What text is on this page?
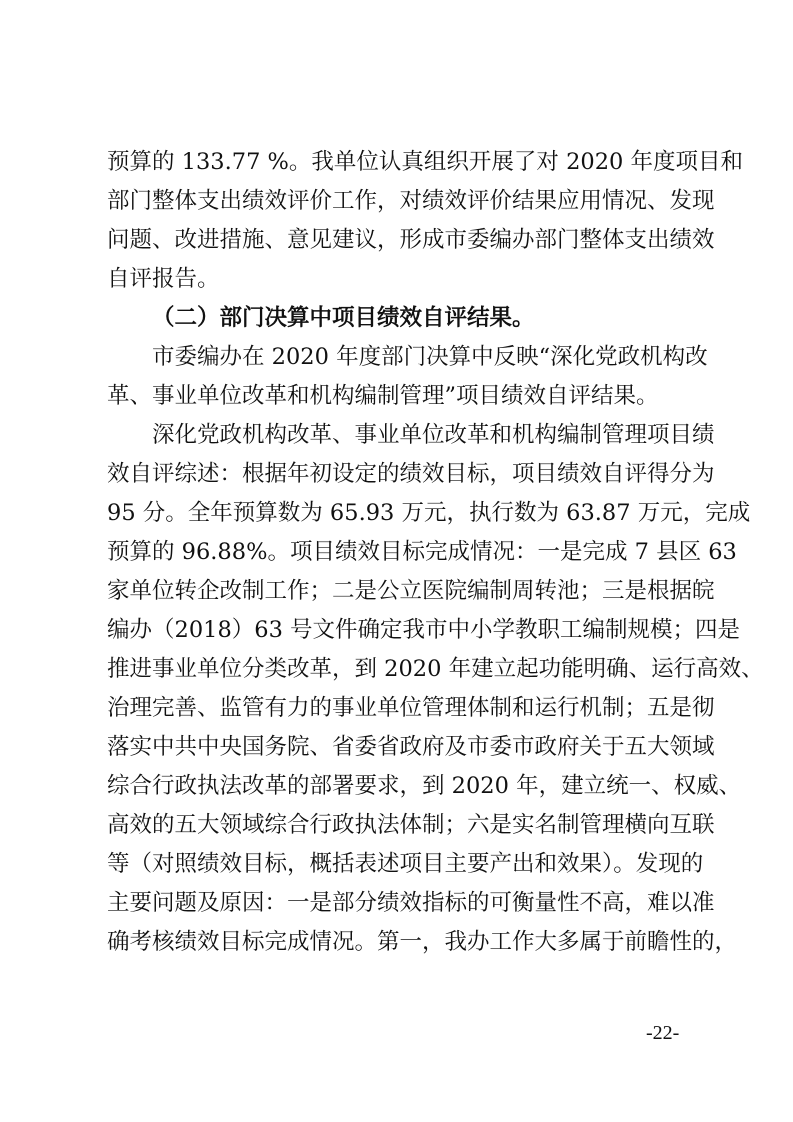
预算的 133.77 %。我单位认真组织开展了对 2020 年度项目和
部门整体支出绩效评价工作，对绩效评价结果应用情况、发现
问题、改进措施、意见建议，形成市委编办部门整体支出绩效
自评报告。
（二）部门决算中项目绩效自评结果。
市委编办在 2020 年度部门决算中反映“深化党政机构改
革、事业单位改革和机构编制管理”项目绩效自评结果。
深化党政机构改革、事业单位改革和机构编制管理项目绩
效自评综述：根据年初设定的绩效目标，项目绩效自评得分为
95 分。全年预算数为 65.93 万元，执行数为 63.87 万元，完成
预算的 96.88%。项目绩效目标完成情况：一是完成 7 县区 63
家单位转企改制工作；二是公立医院编制周转池；三是根据皖
编办（2018）63 号文件确定我市中小学教职工编制规模；四是
推进事业单位分类改革，到 2020 年建立起功能明确、运行高效、
治理完善、监管有力的事业单位管理体制和运行机制；五是彻
落实中共中央国务院、省委省政府及市委市政府关于五大领域
综合行政执法改革的部署要求，到 2020 年，建立统一、权威、
高效的五大领域综合行政执法体制；六是实名制管理横向互联
等（对照绩效目标，概括表述项目主要产出和效果）。发现的
主要问题及原因：一是部分绩效指标的可衡量性不高，难以准
确考核绩效目标完成情况。第一，我办工作大多属于前瞻性的，
-22-
